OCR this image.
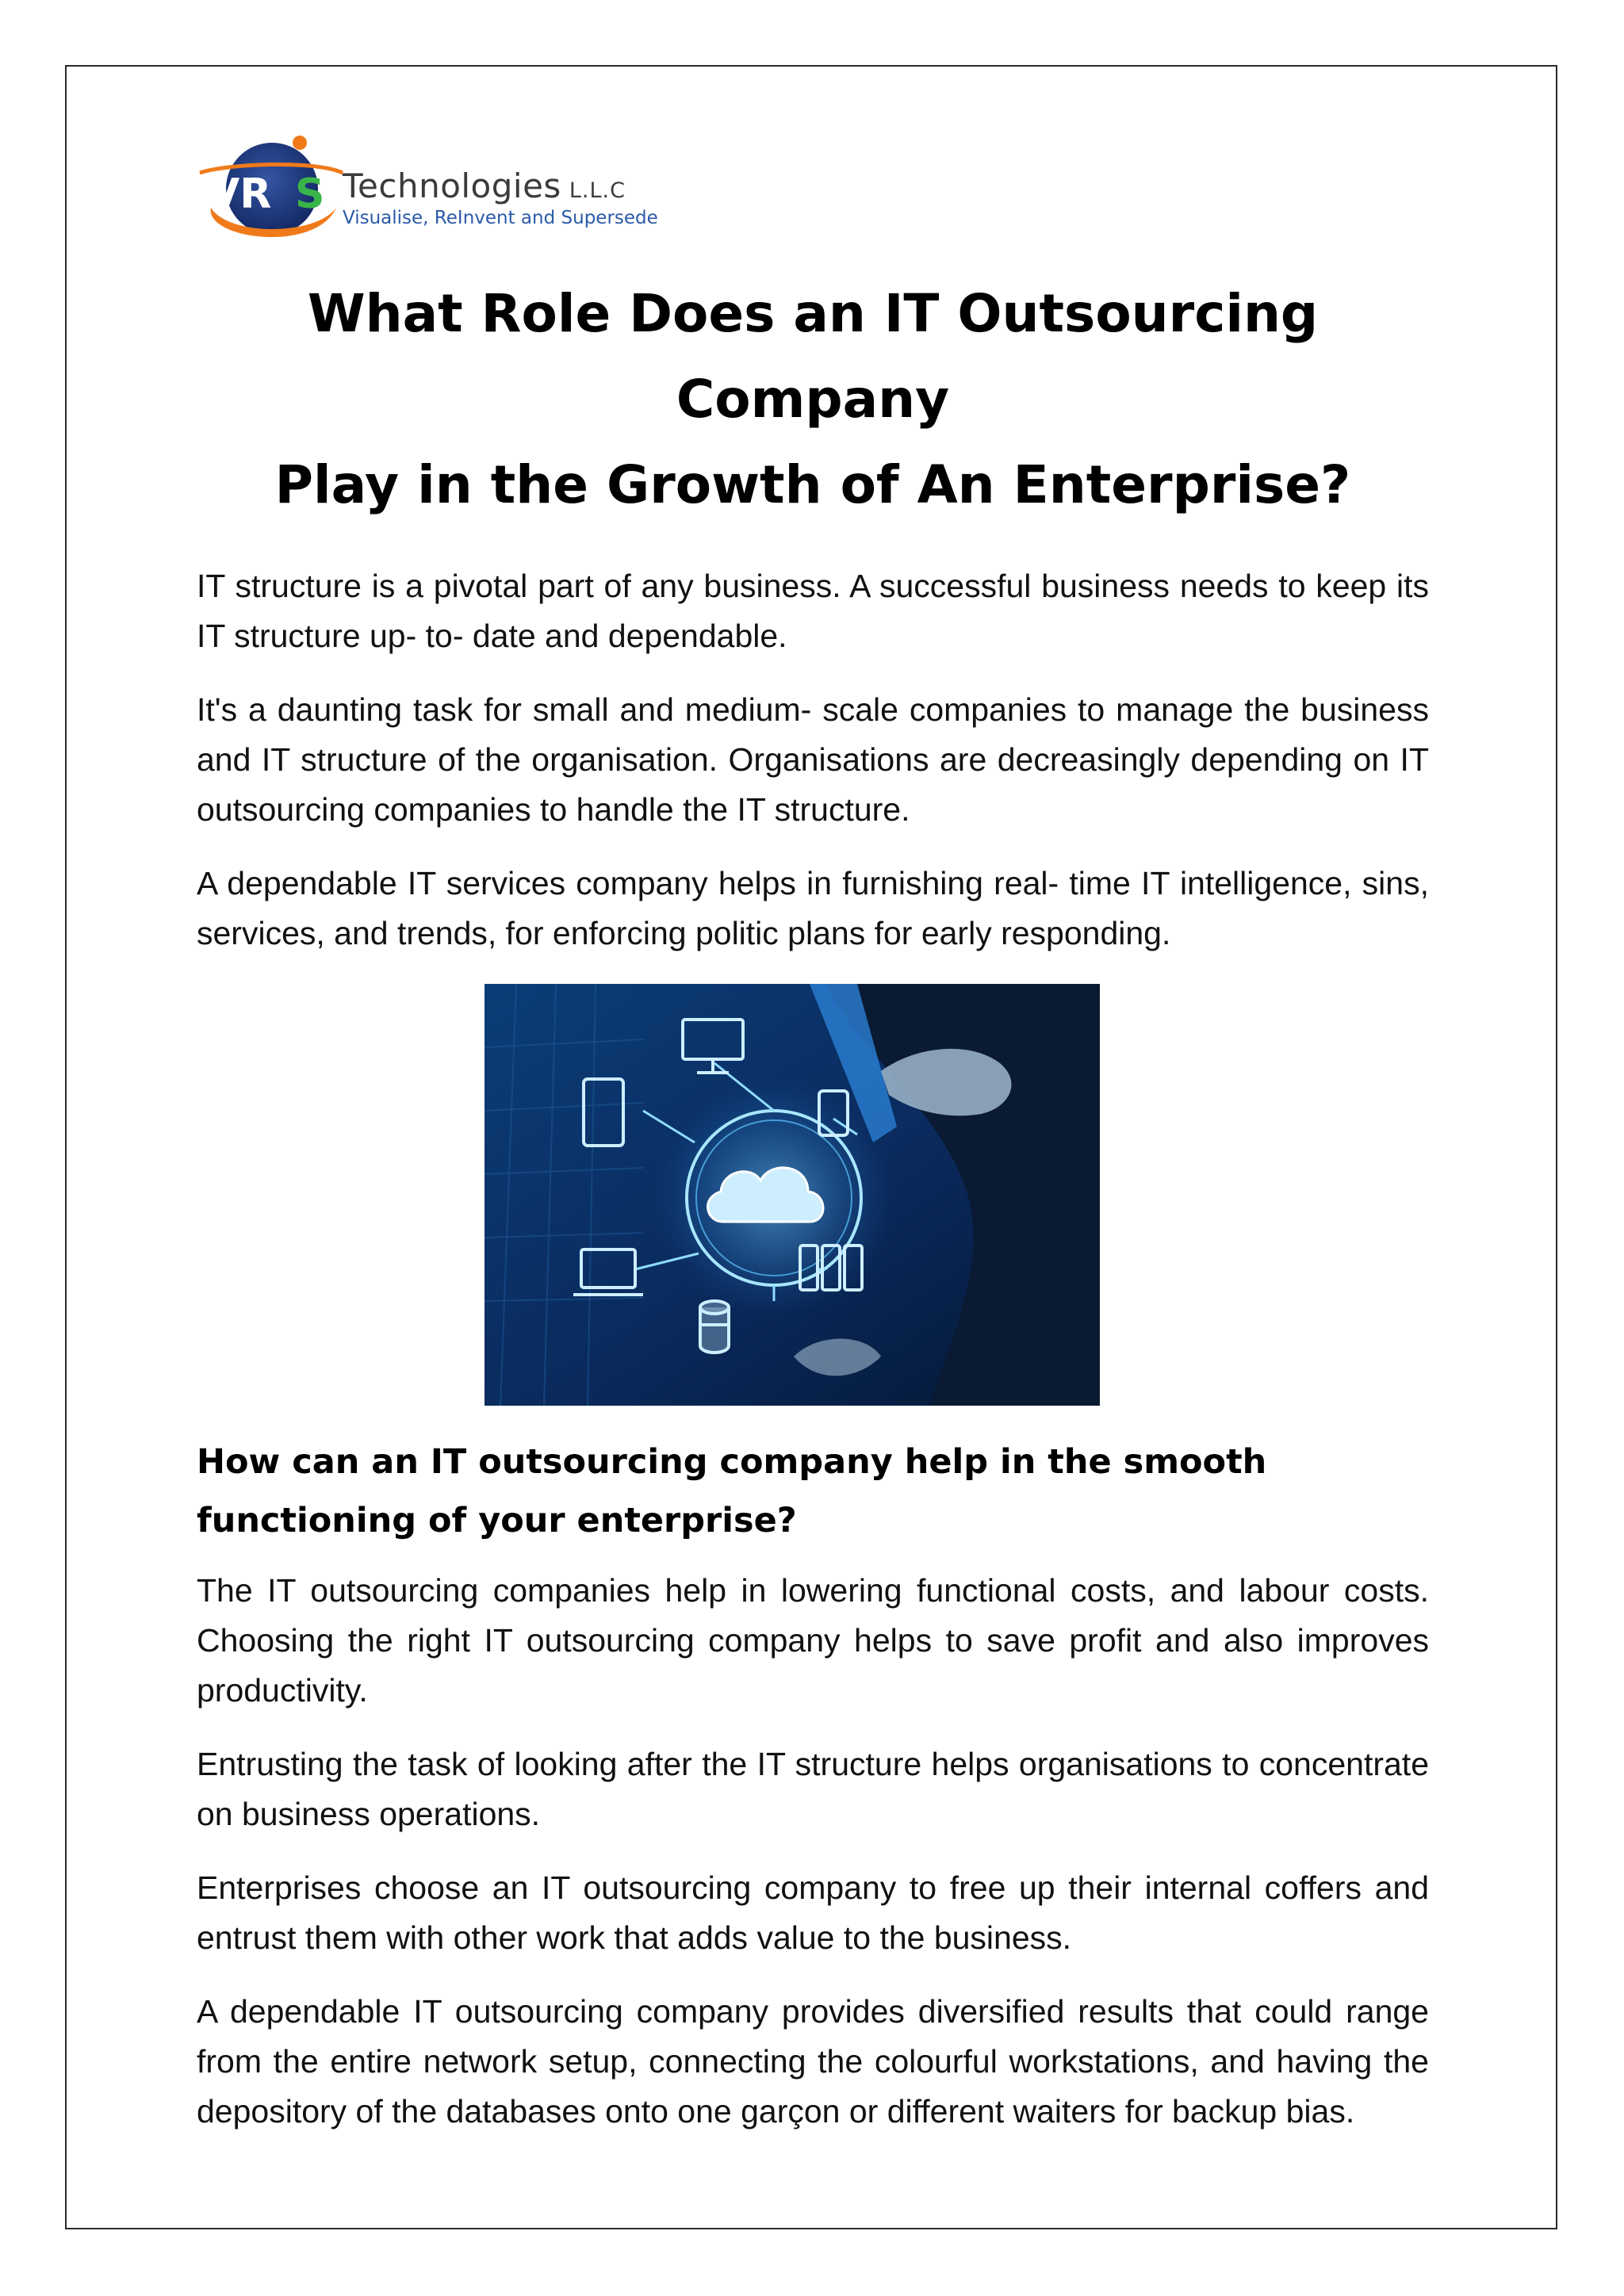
VR S Technologies L.L.C
Visualise, ReInvent and Supersede
What Role Does an IT Outsourcing Company
Play in the Growth of An Enterprise?

IT structure is a pivotal part of any business. A successful business needs to keep its IT structure up- to- date and dependable.

It's a daunting task for small and medium- scale companies to manage the business and IT structure of the organisation. Organisations are decreasingly depending on IT outsourcing companies to handle the IT structure.

A dependable IT services company helps in furnishing real- time IT intelligence, sins, services, and trends, for enforcing politic plans for early responding.

How can an IT outsourcing company help in the smooth functioning of your enterprise?

The IT outsourcing companies help in lowering functional costs, and labour costs. Choosing the right IT outsourcing company helps to save profit and also improves productivity.

Entrusting the task of looking after the IT structure helps organisations to concentrate on business operations.

Enterprises choose an IT outsourcing company to free up their internal coffers and entrust them with other work that adds value to the business.

A dependable IT outsourcing company provides diversified results that could range from the entire network setup, connecting the colourful workstations, and having the depository of the databases onto one garçon or different waiters for backup bias.
